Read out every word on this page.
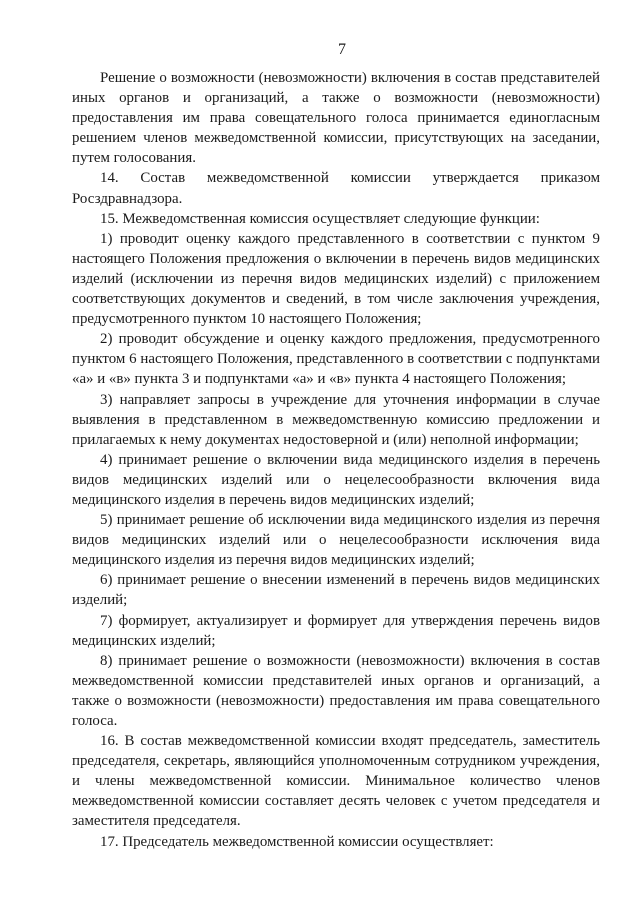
7

Решение о возможности (невозможности) включения в состав представителей иных органов и организаций, а также о возможности (невозможности) предоставления им права совещательного голоса принимается единогласным решением членов межведомственной комиссии, присутствующих на заседании, путем голосования.

14. Состав межведомственной комиссии утверждается приказом Росздравнадзора.

15. Межведомственная комиссия осуществляет следующие функции:

1) проводит оценку каждого представленного в соответствии с пунктом 9 настоящего Положения предложения о включении в перечень видов медицинских изделий (исключении из перечня видов медицинских изделий) с приложением соответствующих документов и сведений, в том числе заключения учреждения, предусмотренного пунктом 10 настоящего Положения;

2) проводит обсуждение и оценку каждого предложения, предусмотренного пунктом 6 настоящего Положения, представленного в соответствии с подпунктами «а» и «в» пункта 3 и подпунктами «а» и «в» пункта 4 настоящего Положения;

3) направляет запросы в учреждение для уточнения информации в случае выявления в представленном в межведомственную комиссию предложении и прилагаемых к нему документах недостоверной и (или) неполной информации;

4) принимает решение о включении вида медицинского изделия в перечень видов медицинских изделий или о нецелесообразности включения вида медицинского изделия в перечень видов медицинских изделий;

5) принимает решение об исключении вида медицинского изделия из перечня видов медицинских изделий или о нецелесообразности исключения вида медицинского изделия из перечня видов медицинских изделий;

6) принимает решение о внесении изменений в перечень видов медицинских изделий;

7) формирует, актуализирует и формирует для утверждения перечень видов медицинских изделий;

8) принимает решение о возможности (невозможности) включения в состав межведомственной комиссии представителей иных органов и организаций, а также о возможности (невозможности) предоставления им права совещательного голоса.

16. В состав межведомственной комиссии входят председатель, заместитель председателя, секретарь, являющийся уполномоченным сотрудником учреждения, и члены межведомственной комиссии. Минимальное количество членов межведомственной комиссии составляет десять человек с учетом председателя и заместителя председателя.

17. Председатель межведомственной комиссии осуществляет:
